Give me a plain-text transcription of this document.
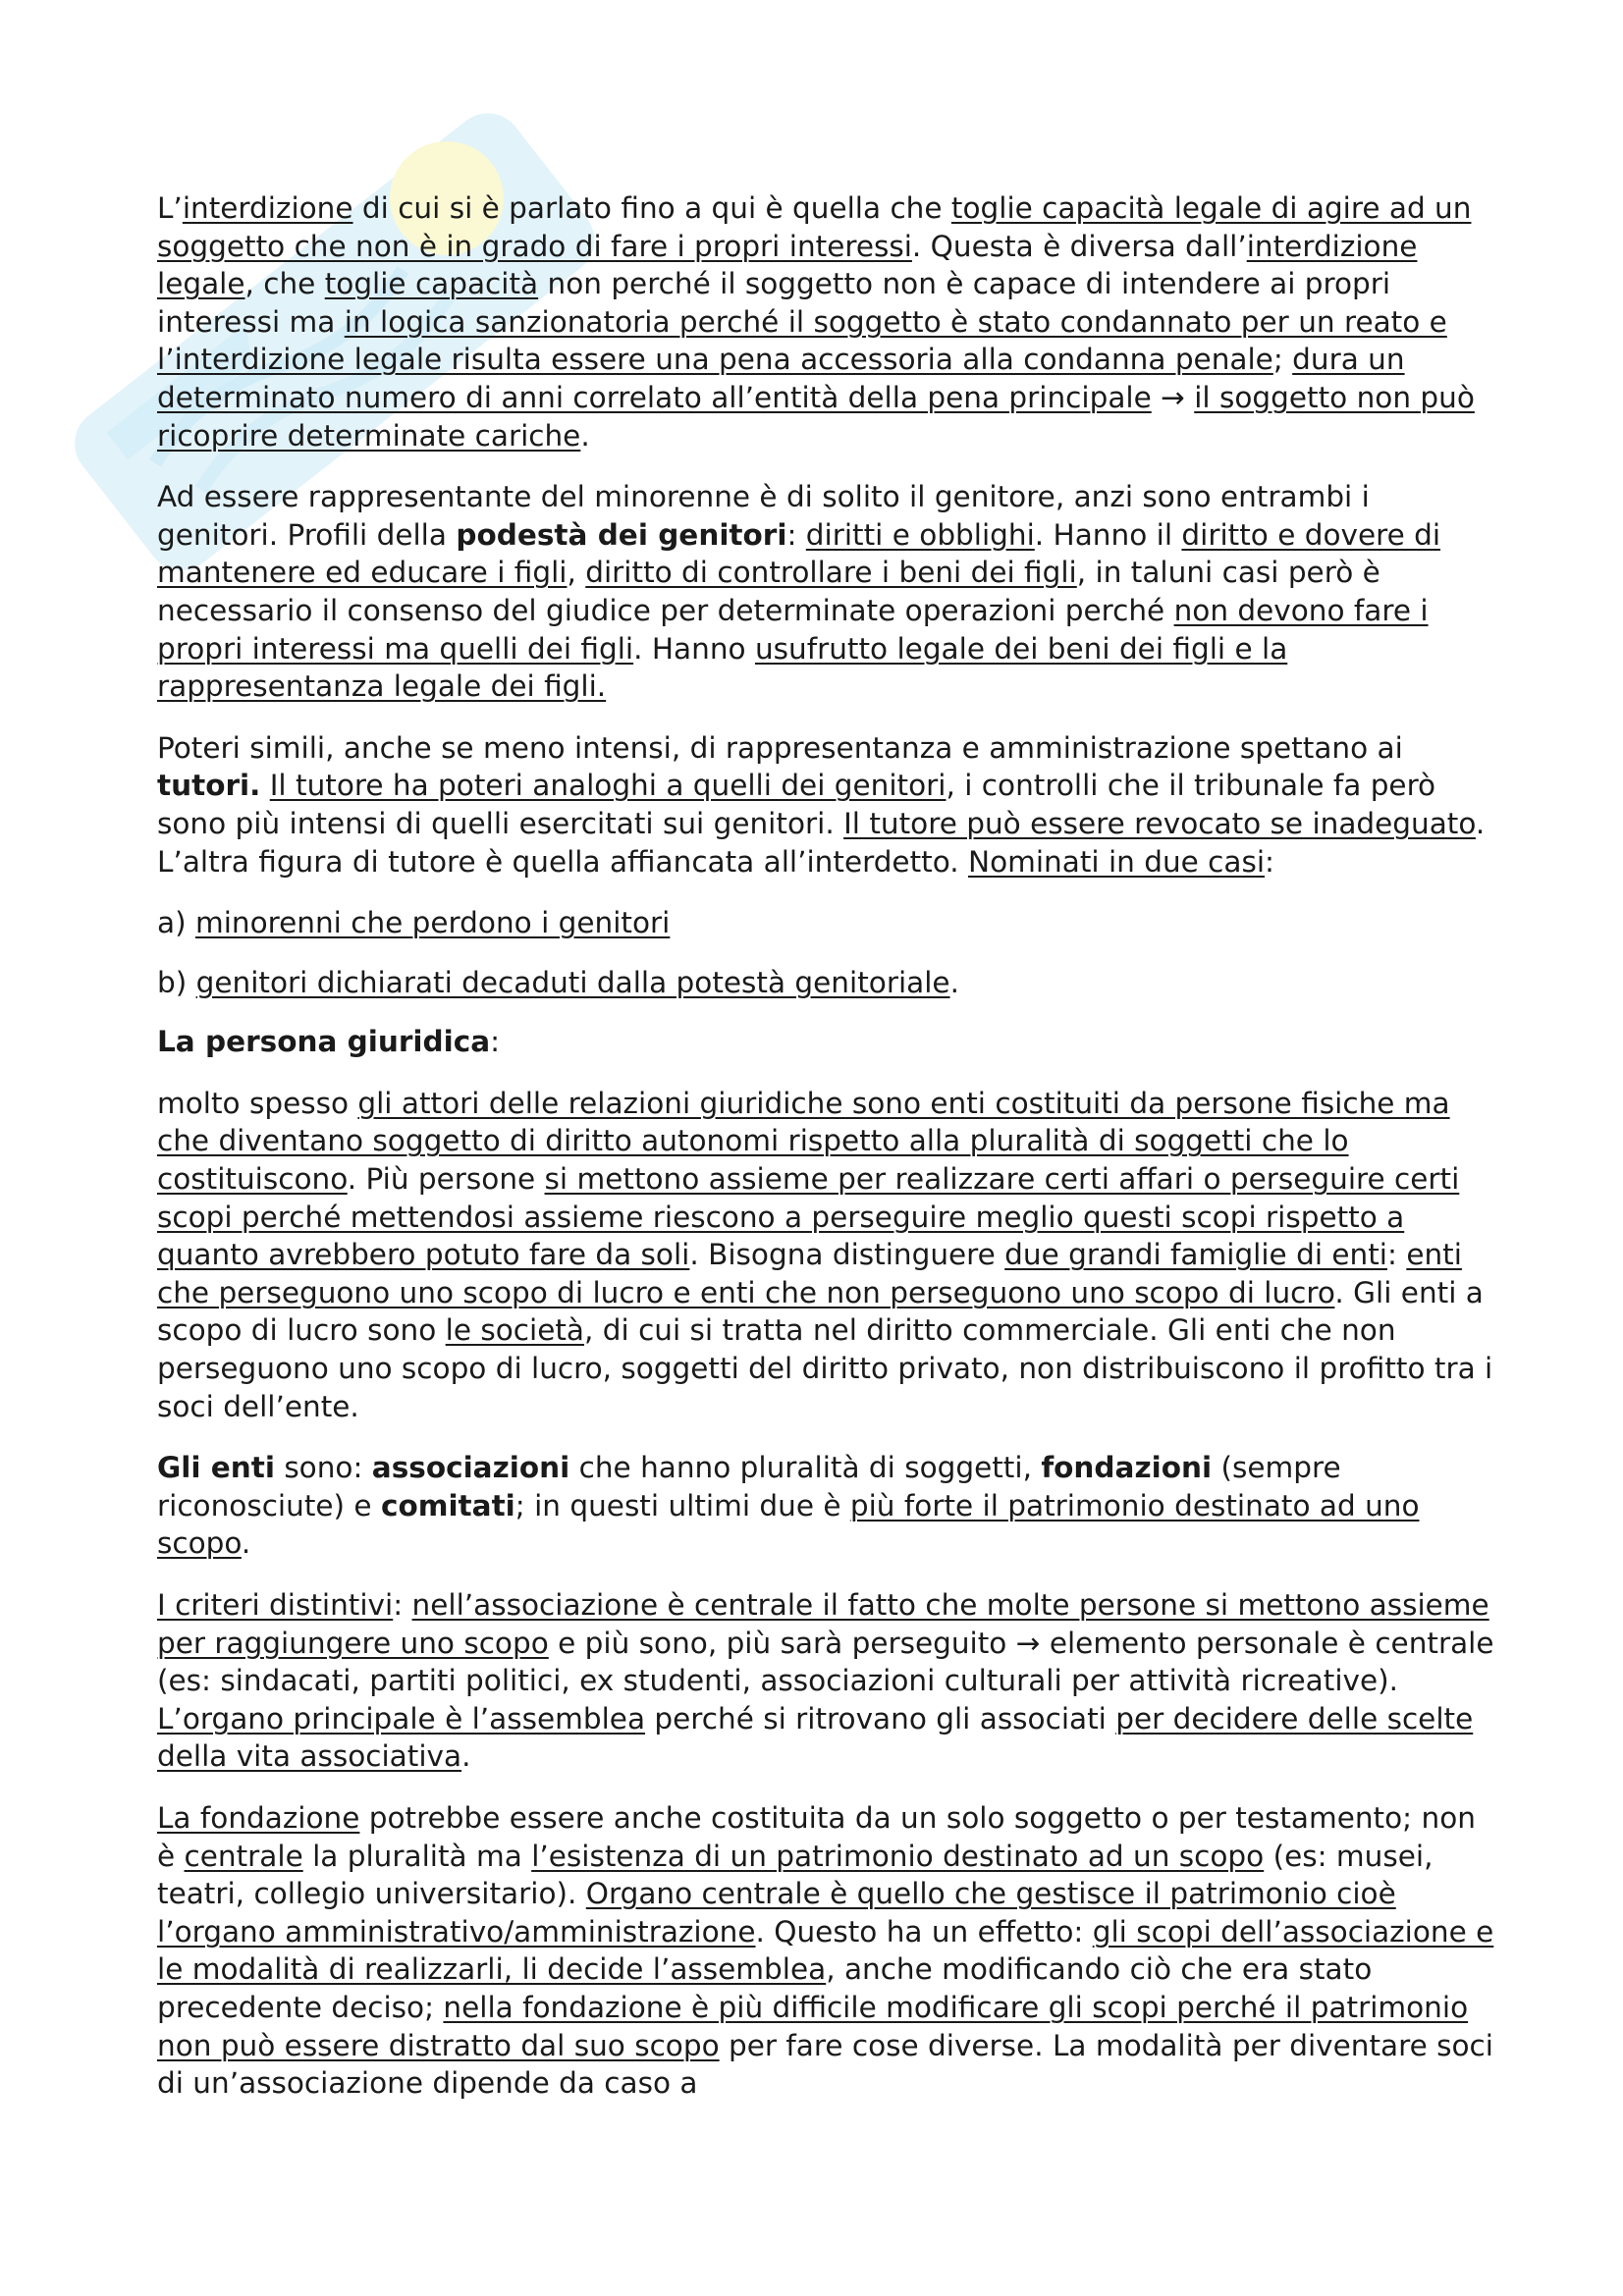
L’interdizione di cui si è parlato fino a qui è quella che toglie capacità legale di agire ad un soggetto che non è in grado di fare i propri interessi. Questa è diversa dall’interdizione legale, che toglie capacità non perché il soggetto non è capace di intendere ai propri interessi ma in logica sanzionatoria perché il soggetto è stato condannato per un reato e l’interdizione legale risulta essere una pena accessoria alla condanna penale; dura un determinato numero di anni correlato all’entità della pena principale → il soggetto non può ricoprire determinate cariche.

Ad essere rappresentante del minorenne è di solito il genitore, anzi sono entrambi i genitori. Profili della podestà dei genitori: diritti e obblighi. Hanno il diritto e dovere di mantenere ed educare i figli, diritto di controllare i beni dei figli, in taluni casi però è necessario il consenso del giudice per determinate operazioni perché non devono fare i propri interessi ma quelli dei figli. Hanno usufrutto legale dei beni dei figli e la rappresentanza legale dei figli.

Poteri simili, anche se meno intensi, di rappresentanza e amministrazione spettano ai tutori. Il tutore ha poteri analoghi a quelli dei genitori, i controlli che il tribunale fa però sono più intensi di quelli esercitati sui genitori. Il tutore può essere revocato se inadeguato. L’altra figura di tutore è quella affiancata all’interdetto. Nominati in due casi:

a) minorenni che perdono i genitori

b) genitori dichiarati decaduti dalla potestà genitoriale.

La persona giuridica:

molto spesso gli attori delle relazioni giuridiche sono enti costituiti da persone fisiche ma che diventano soggetto di diritto autonomi rispetto alla pluralità di soggetti che lo costituiscono. Più persone si mettono assieme per realizzare certi affari o perseguire certi scopi perché mettendosi assieme riescono a perseguire meglio questi scopi rispetto a quanto avrebbero potuto fare da soli. Bisogna distinguere due grandi famiglie di enti: enti che perseguono uno scopo di lucro e enti che non perseguono uno scopo di lucro. Gli enti a scopo di lucro sono le società, di cui si tratta nel diritto commerciale. Gli enti che non perseguono uno scopo di lucro, soggetti del diritto privato, non distribuiscono il profitto tra i soci dell’ente.

Gli enti sono: associazioni che hanno pluralità di soggetti, fondazioni (sempre riconosciute) e comitati; in questi ultimi due è più forte il patrimonio destinato ad uno scopo.

I criteri distintivi: nell’associazione è centrale il fatto che molte persone si mettono assieme per raggiungere uno scopo e più sono, più sarà perseguito → elemento personale è centrale (es: sindacati, partiti politici, ex studenti, associazioni culturali per attività ricreative). L’organo principale è l’assemblea perché si ritrovano gli associati per decidere delle scelte della vita associativa.

La fondazione potrebbe essere anche costituita da un solo soggetto o per testamento; non è centrale la pluralità ma l’esistenza di un patrimonio destinato ad un scopo (es: musei, teatri, collegio universitario). Organo centrale è quello che gestisce il patrimonio cioè l’organo amministrativo/amministrazione. Questo ha un effetto: gli scopi dell’associazione e le modalità di realizzarli, li decide l’assemblea, anche modificando ciò che era stato precedente deciso; nella fondazione è più difficile modificare gli scopi perché il patrimonio non può essere distratto dal suo scopo per fare cose diverse. La modalità per diventare soci di un’associazione dipende da caso a
